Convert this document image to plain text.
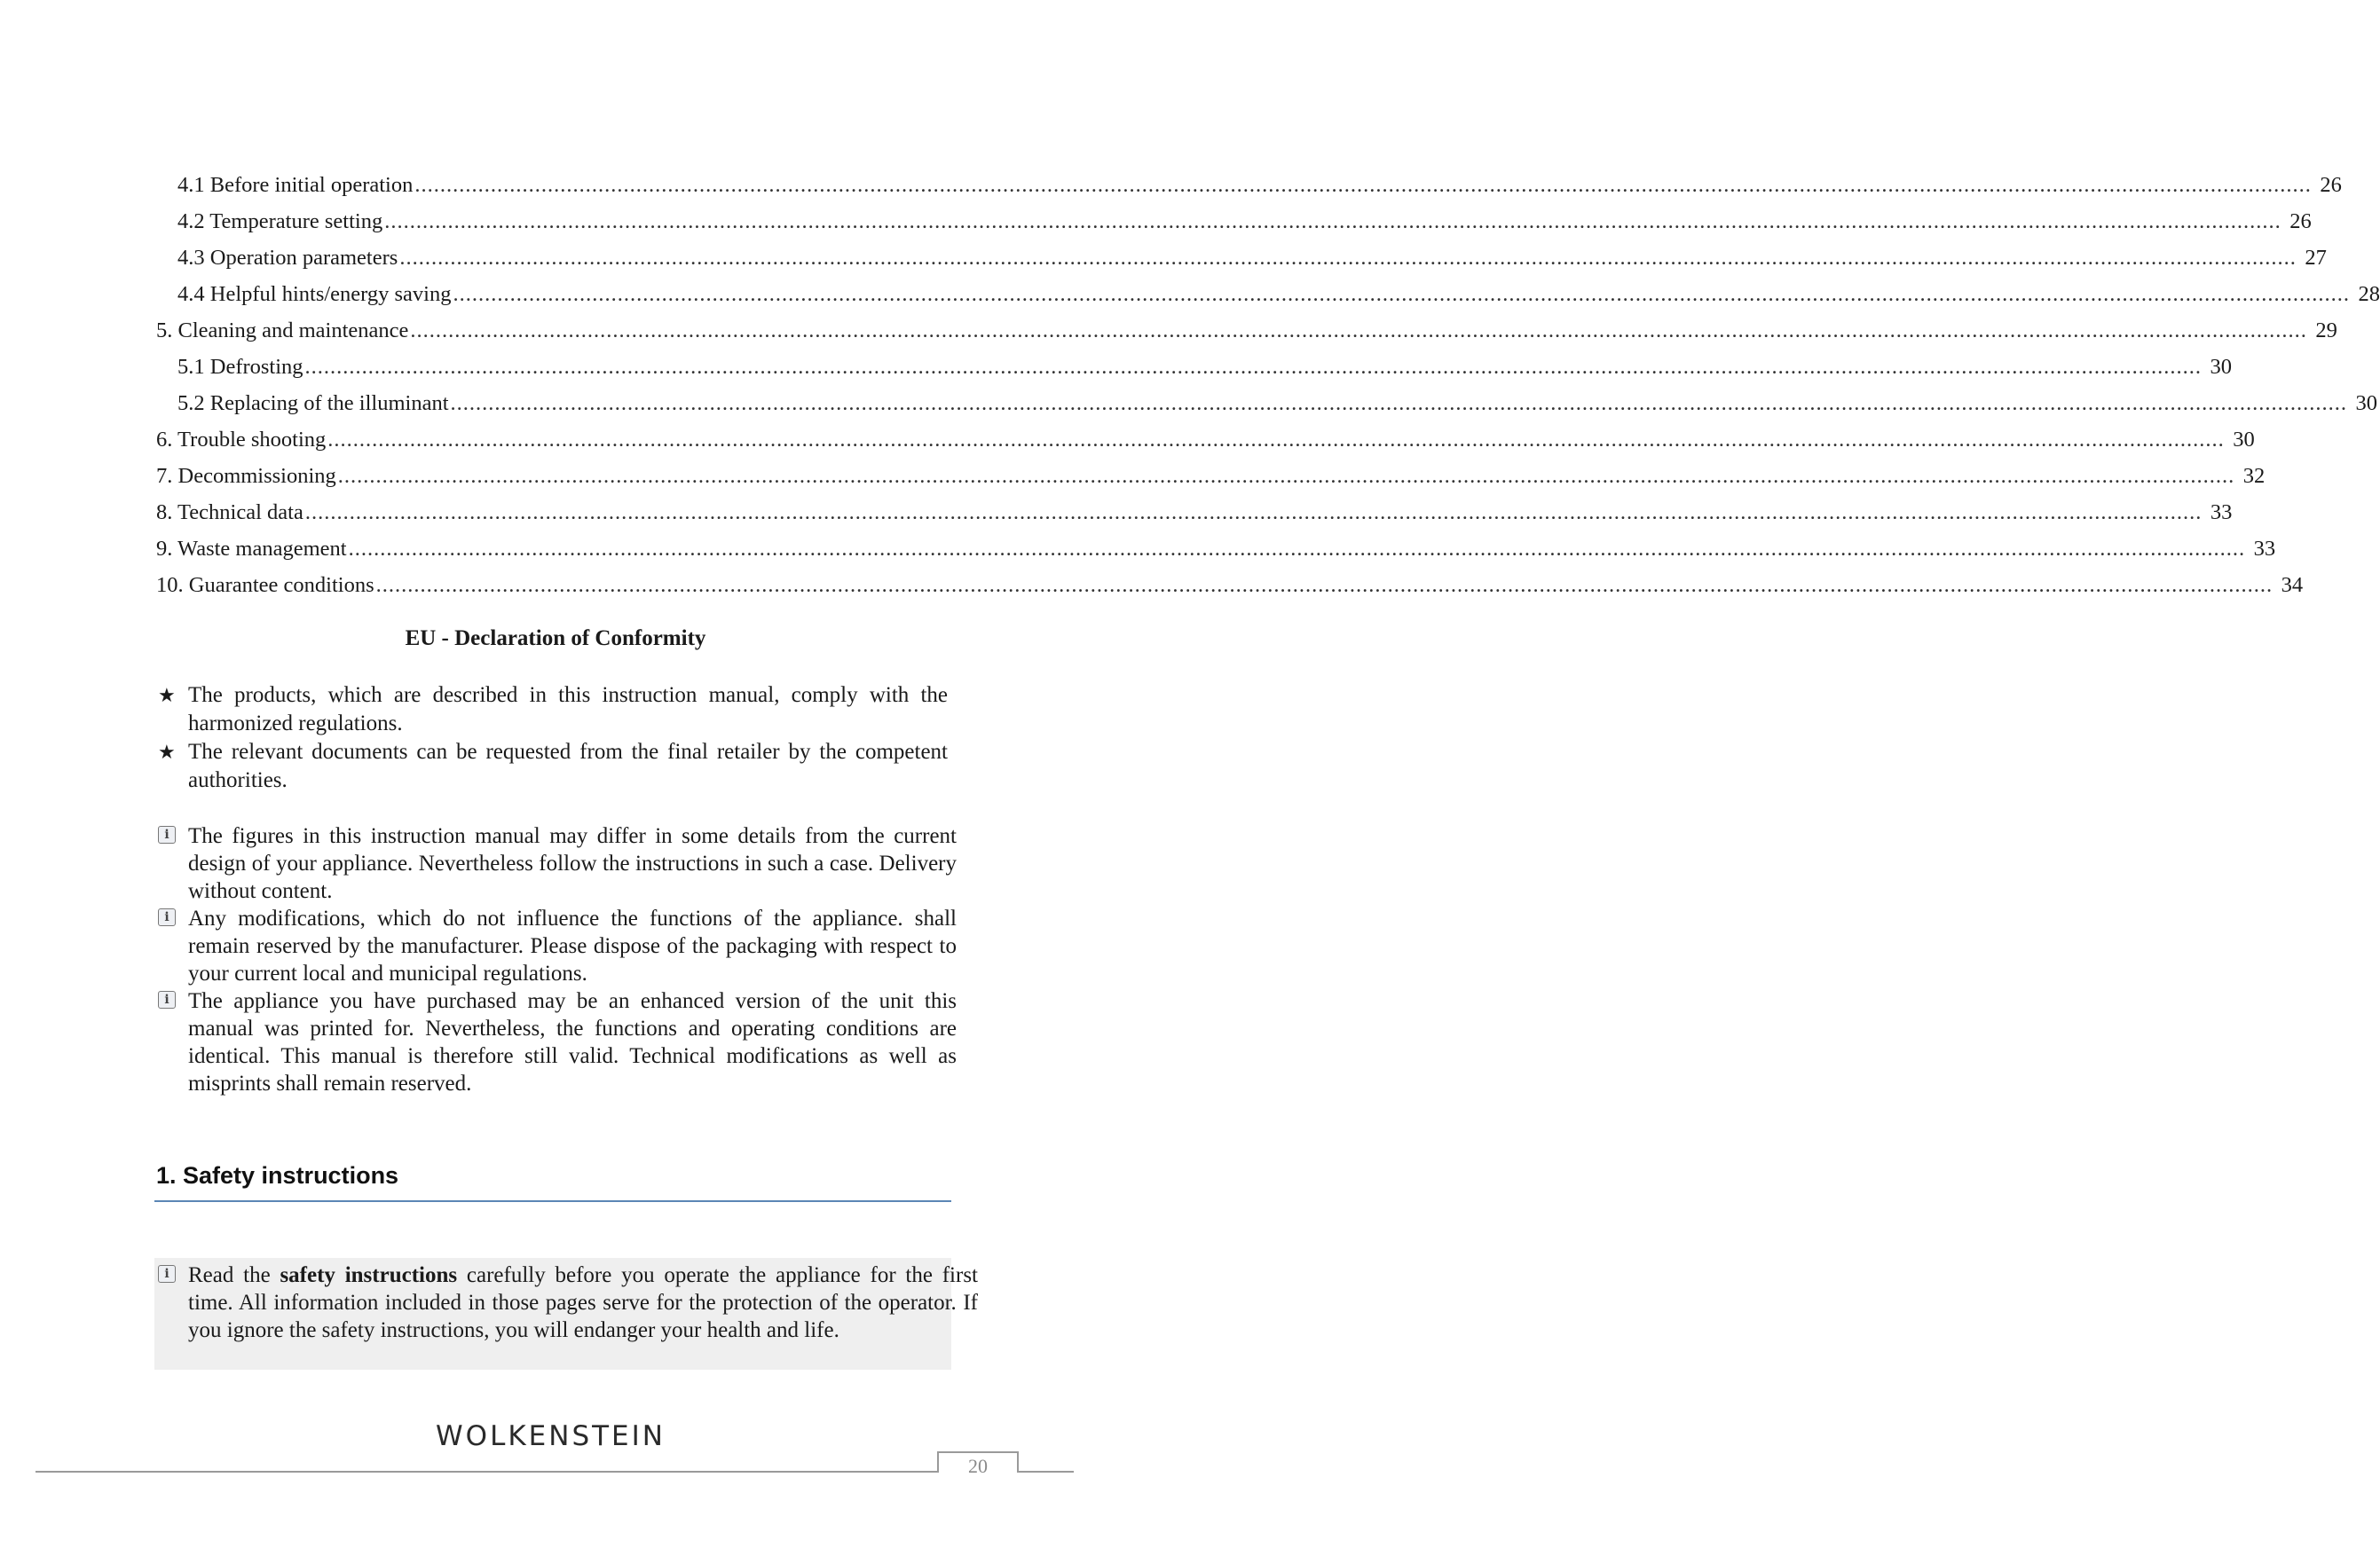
4.1 Before initial operation ............................................................................................................................................................................................................................................................................................................ 26
4.2 Temperature setting ............................................................................................................................................................................................................................................................................................................ 26
4.3 Operation parameters ............................................................................................................................................................................................................................................................................................................ 27
4.4 Helpful hints/energy saving ............................................................................................................................................................................................................................................................................................................ 28
5. Cleaning and maintenance ............................................................................................................................................................................................................................................................................................................ 29
5.1 Defrosting ............................................................................................................................................................................................................................................................................................................ 30
5.2 Replacing of the illuminant ............................................................................................................................................................................................................................................................................................................ 30
6. Trouble shooting ............................................................................................................................................................................................................................................................................................................ 30
7. Decommissioning ............................................................................................................................................................................................................................................................................................................ 32
8. Technical data ............................................................................................................................................................................................................................................................................................................ 33
9. Waste management ............................................................................................................................................................................................................................................................................................................ 33
10. Guarantee conditions ............................................................................................................................................................................................................................................................................................................ 34
EU - Declaration of Conformity
★ The products, which are described in this instruction manual, comply with the harmonized regulations.
★ The relevant documents can be requested from the final retailer by the competent authorities.
i The figures in this instruction manual may differ in some details from the current design of your appliance. Nevertheless follow the instructions in such a case. Delivery without content.
i Any modifications, which do not influence the functions of the appliance. shall remain reserved by the manufacturer. Please dispose of the packaging with respect to your current local and municipal regulations.
i The appliance you have purchased may be an enhanced version of the unit this manual was printed for. Nevertheless, the functions and operating conditions are identical. This manual is therefore still valid. Technical modifications as well as misprints shall remain reserved.
1. Safety instructions
i Read the safety instructions carefully before you operate the appliance for the first time. All information included in those pages serve for the protection of the operator. If you ignore the safety instructions, you will endanger your health and life.
WOLKENSTEIN
20
